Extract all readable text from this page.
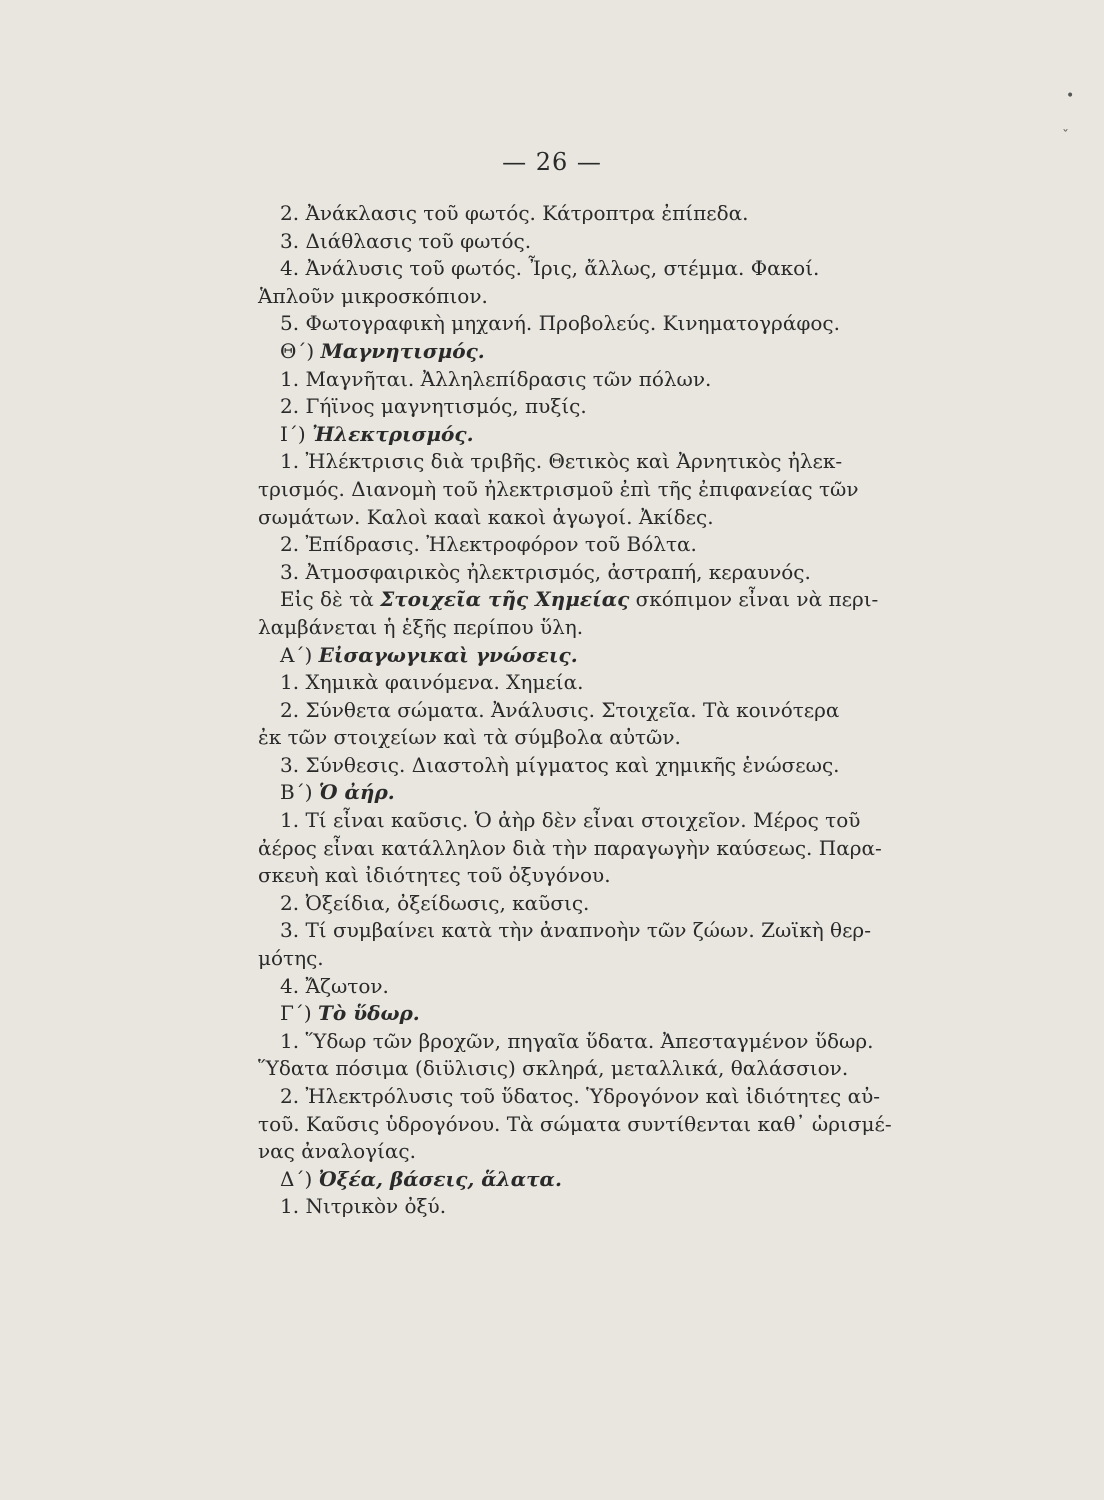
— 26 —
•
ˇ
2. Ἀνάκλασις τοῦ φωτός. Κάτροπτρα ἐπίπεδα.
3. Διάθλασις τοῦ φωτός.
4. Ἀνάλυσις τοῦ φωτός. Ἶρις, ἄλλως, στέμμα. Φακοί.
Ἁπλοῦν μικροσκόπιον.
5. Φωτογραφικὴ μηχανή. Προβολεύς. Κινηματογράφος.
Θ΄) Μαγνητισμός.
1. Μαγνῆται. Ἀλληλεπίδρασις τῶν πόλων.
2. Γήϊνος μαγνητισμός, πυξίς.
Ι΄) Ἠλεκτρισμός.
1. Ἠλέκτρισις διὰ τριβῆς. Θετικὸς καὶ Ἀρνητικὸς ἠλεκ-
τρισμός. Διανομὴ τοῦ ἠλεκτρισμοῦ ἐπὶ τῆς ἐπιφανείας τῶν
σωμάτων. Καλοὶ κααὶ κακοὶ ἀγωγοί. Ἀκίδες.
2. Ἐπίδρασις. Ἠλεκτροφόρον τοῦ Βόλτα.
3. Ἀτμοσφαιρικὸς ἠλεκτρισμός, ἀστραπή, κεραυνός.
Εἰς δὲ τὰ Στοιχεῖα τῆς Χημείας σκόπιμον εἶναι νὰ περι-
λαμβάνεται ἡ ἑξῆς περίπου ὕλη.
Α΄) Εἰσαγωγικαὶ γνώσεις.
1. Χημικὰ φαινόμενα. Χημεία.
2. Σύνθετα σώματα. Ἀνάλυσις. Στοιχεῖα. Τὰ κοινότερα
ἐκ τῶν στοιχείων καὶ τὰ σύμβολα αὐτῶν.
3. Σύνθεσις. Διαστολὴ μίγματος καὶ χημικῆς ἑνώσεως.
Β΄) Ὁ ἀήρ.
1. Τί εἶναι καῦσις. Ὁ ἀὴρ δὲν εἶναι στοιχεῖον. Μέρος τοῦ
ἀέρος εἶναι κατάλληλον διὰ τὴν παραγωγὴν καύσεως. Παρα-
σκευὴ καὶ ἰδιότητες τοῦ ὀξυγόνου.
2. Ὀξείδια, ὀξείδωσις, καῦσις.
3. Τί συμβαίνει κατὰ τὴν ἀναπνοὴν τῶν ζώων. Ζωϊκὴ θερ-
μότης.
4. Ἄζωτον.
Γ΄) Τὸ ὕδωρ.
1. Ὕδωρ τῶν βροχῶν, πηγαῖα ὕδατα. Ἀπεσταγμένον ὕδωρ.
Ὕδατα πόσιμα (διϋλισις) σκληρά, μεταλλικά, θαλάσσιον.
2. Ἠλεκτρόλυσις τοῦ ὕδατος. Ὑδρογόνον καὶ ἰδιότητες αὐ-
τοῦ. Καῦσις ὑδρογόνου. Τὰ σώματα συντίθενται καθ᾽ ὡρισμέ-
νας ἀναλογίας.
Δ΄) Ὀξέα, βάσεις, ἅλατα.
1. Νιτρικὸν ὀξύ.
